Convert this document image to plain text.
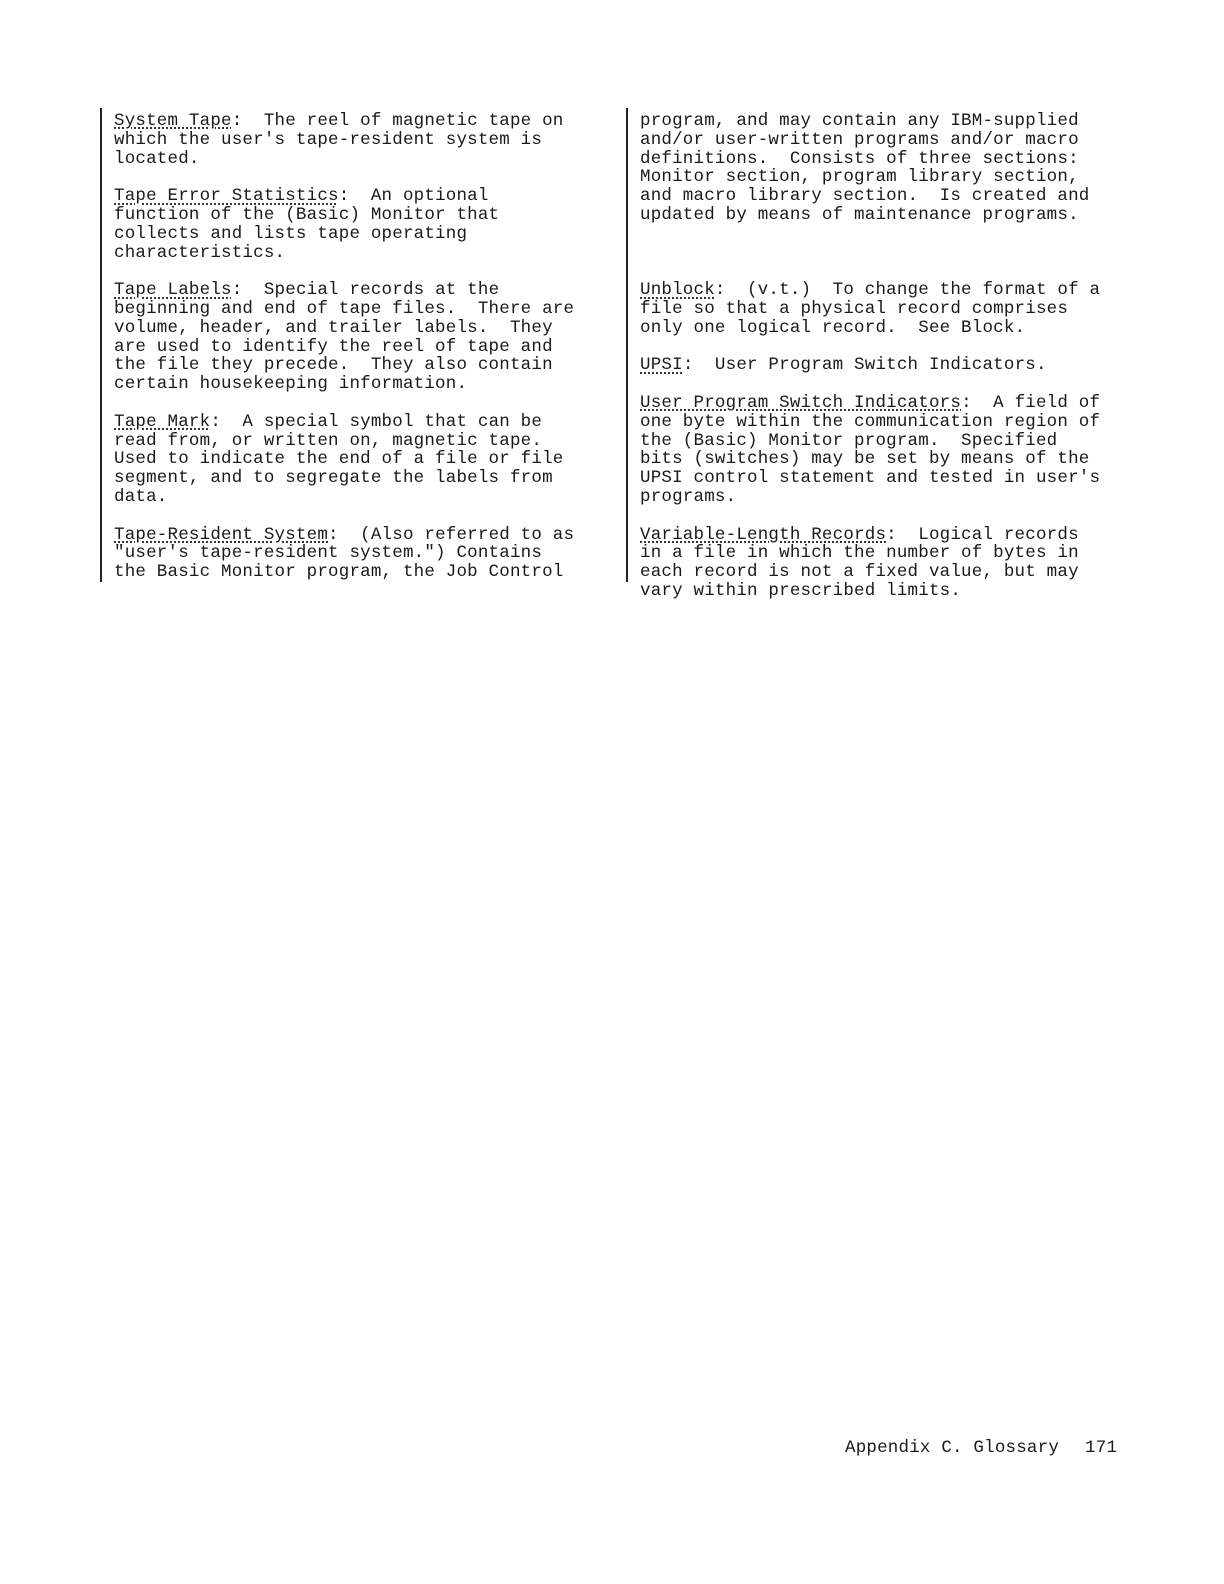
System Tape:  The reel of magnetic tape on
which the user's tape-resident system is
located.
Tape Error Statistics:  An optional
function of the (Basic) Monitor that
collects and lists tape operating
characteristics.
Tape Labels:  Special records at the
beginning and end of tape files.  There are
volume, header, and trailer labels.  They
are used to identify the reel of tape and
the file they precede.  They also contain
certain housekeeping information.
Tape Mark:  A special symbol that can be
read from, or written on, magnetic tape.
Used to indicate the end of a file or file
segment, and to segregate the labels from
data.
Tape-Resident System:  (Also referred to as
"user's tape-resident system.") Contains
the Basic Monitor program, the Job Control
program, and may contain any IBM-supplied
and/or user-written programs and/or macro
definitions.  Consists of three sections:
Monitor section, program library section,
and macro library section.  Is created and
updated by means of maintenance programs.
Unblock:  (v.t.)  To change the format of a
file so that a physical record comprises
only one logical record.  See Block.
UPSI:  User Program Switch Indicators.
User Program Switch Indicators:  A field of
one byte within the communication region of
the (Basic) Monitor program.  Specified
bits (switches) may be set by means of the
UPSI control statement and tested in user's
programs.
Variable-Length Records:  Logical records
in a file in which the number of bytes in
each record is not a fixed value, but may
vary within prescribed limits.
Appendix C. Glossary 171
